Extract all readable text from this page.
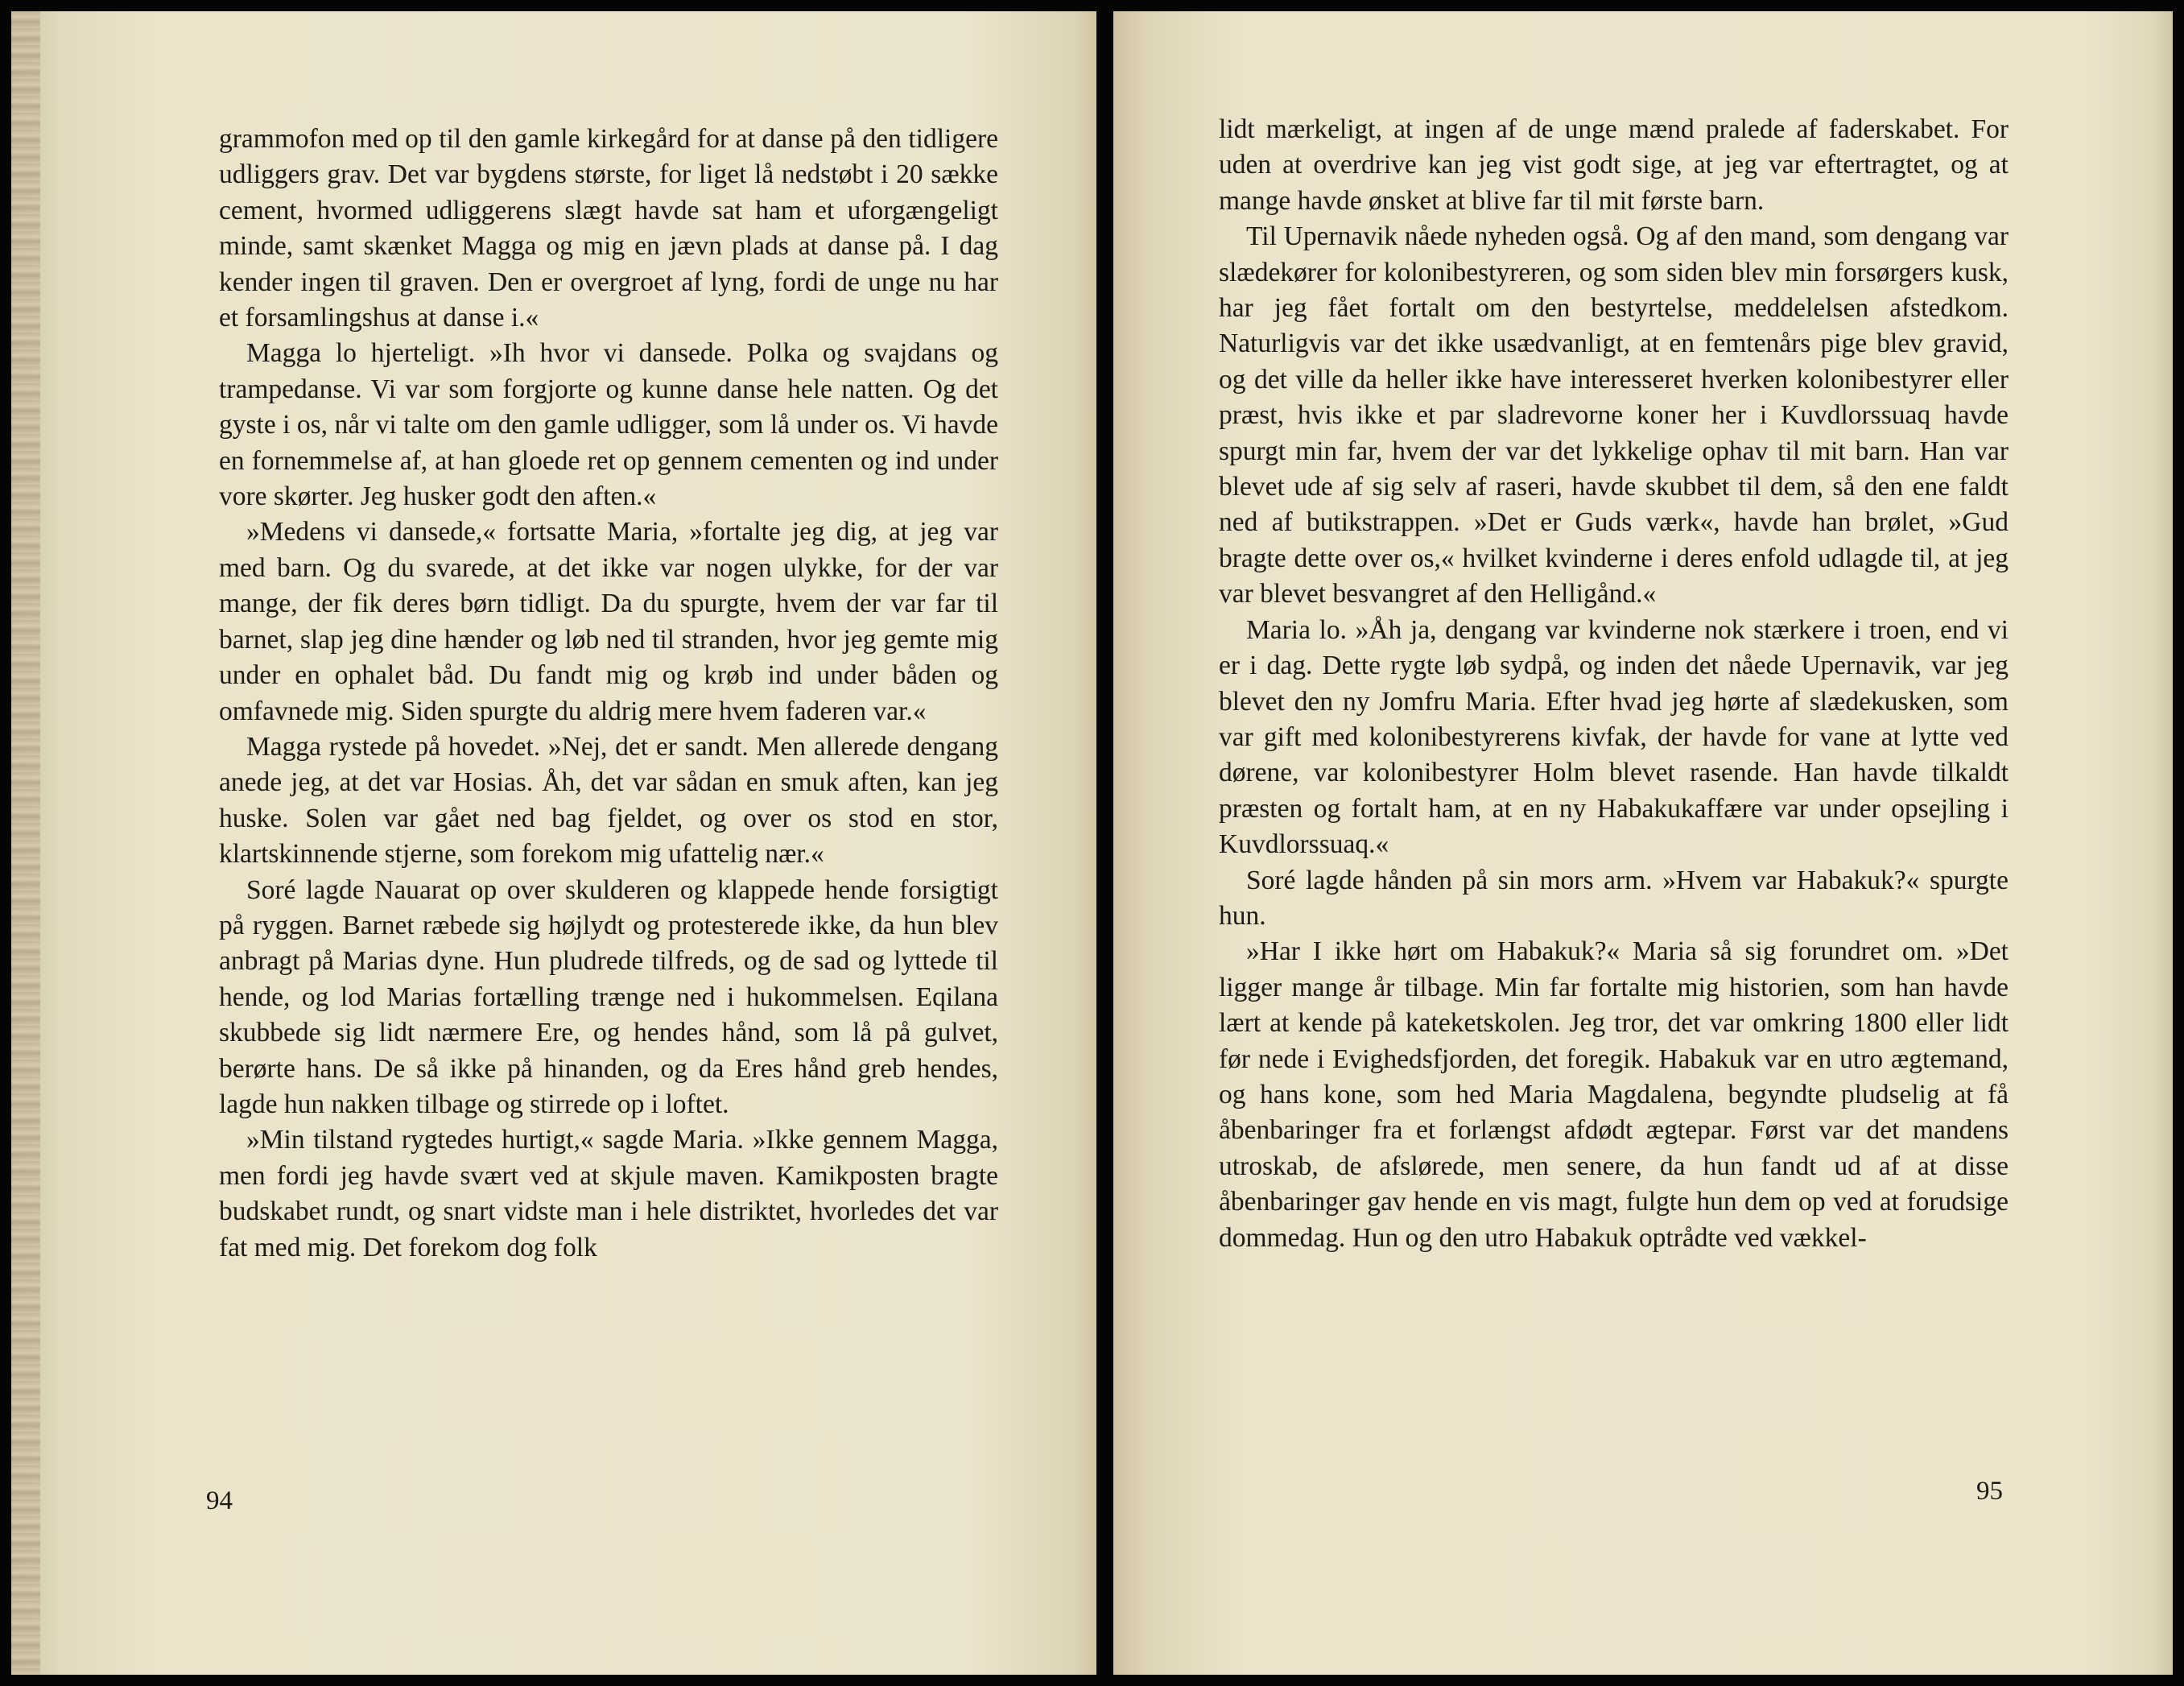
grammofon med op til den gamle kirkegård for at danse på den tidligere udliggers grav. Det var bygdens største, for liget lå nedstøbt i 20 sække cement, hvormed udliggerens slægt havde sat ham et uforgængeligt minde, samt skænket Magga og mig en jævn plads at danse på. I dag kender ingen til graven. Den er overgroet af lyng, fordi de unge nu har et forsamlingshus at danse i.«

Magga lo hjerteligt. »Ih hvor vi dansede. Polka og svajdans og trampedanse. Vi var som forgjorte og kunne danse hele natten. Og det gyste i os, når vi talte om den gamle udligger, som lå under os. Vi havde en fornemmelse af, at han gloede ret op gennem cementen og ind under vore skørter. Jeg husker godt den aften.«

»Medens vi dansede,« fortsatte Maria, »fortalte jeg dig, at jeg var med barn. Og du svarede, at det ikke var nogen ulykke, for der var mange, der fik deres børn tidligt. Da du spurgte, hvem der var far til barnet, slap jeg dine hænder og løb ned til stranden, hvor jeg gemte mig under en ophalet båd. Du fandt mig og krøb ind under båden og omfavnede mig. Siden spurgte du aldrig mere hvem faderen var.«

Magga rystede på hovedet. »Nej, det er sandt. Men allerede dengang anede jeg, at det var Hosias. Åh, det var sådan en smuk aften, kan jeg huske. Solen var gået ned bag fjeldet, og over os stod en stor, klartskinnende stjerne, som forekom mig ufattelig nær.«

Soré lagde Nauarat op over skulderen og klappede hende forsigtigt på ryggen. Barnet ræbede sig højlydt og protesterede ikke, da hun blev anbragt på Marias dyne. Hun pludrede tilfreds, og de sad og lyttede til hende, og lod Marias fortælling trænge ned i hukommelsen. Eqilana skubbede sig lidt nærmere Ere, og hendes hånd, som lå på gulvet, berørte hans. De så ikke på hinanden, og da Eres hånd greb hendes, lagde hun nakken tilbage og stirrede op i loftet.

»Min tilstand rygtedes hurtigt,« sagde Maria. »Ikke gennem Magga, men fordi jeg havde svært ved at skjule maven. Kamikposten bragte budskabet rundt, og snart vidste man i hele distriktet, hvorledes det var fat med mig. Det forekom dog folk

94

lidt mærkeligt, at ingen af de unge mænd pralede af faderskabet. For uden at overdrive kan jeg vist godt sige, at jeg var eftertragtet, og at mange havde ønsket at blive far til mit første barn.

Til Upernavik nåede nyheden også. Og af den mand, som dengang var slædekører for kolonibestyreren, og som siden blev min forsørgers kusk, har jeg fået fortalt om den bestyrtelse, meddelelsen afstedkom. Naturligvis var det ikke usædvanligt, at en femtenårs pige blev gravid, og det ville da heller ikke have interesseret hverken kolonibestyrer eller præst, hvis ikke et par sladrevorne koner her i Kuvdlorssuaq havde spurgt min far, hvem der var det lykkelige ophav til mit barn. Han var blevet ude af sig selv af raseri, havde skubbet til dem, så den ene faldt ned af butikstrappen. »Det er Guds værk«, havde han brølet, »Gud bragte dette over os,« hvilket kvinderne i deres enfold udlagde til, at jeg var blevet besvangret af den Helligånd.«

Maria lo. »Åh ja, dengang var kvinderne nok stærkere i troen, end vi er i dag. Dette rygte løb sydpå, og inden det nåede Upernavik, var jeg blevet den ny Jomfru Maria. Efter hvad jeg hørte af slædekusken, som var gift med kolonibestyrerens kivfak, der havde for vane at lytte ved dørene, var kolonibestyrer Holm blevet rasende. Han havde tilkaldt præsten og fortalt ham, at en ny Habakukaffære var under opsejling i Kuvdlorssuaq.«

Soré lagde hånden på sin mors arm. »Hvem var Habakuk?« spurgte hun.

»Har I ikke hørt om Habakuk?« Maria så sig forundret om. »Det ligger mange år tilbage. Min far fortalte mig historien, som han havde lært at kende på kateketskolen. Jeg tror, det var omkring 1800 eller lidt før nede i Evighedsfjorden, det foregik. Habakuk var en utro ægtemand, og hans kone, som hed Maria Magdalena, begyndte pludselig at få åbenbaringer fra et forlængst afdødt ægtepar. Først var det mandens utroskab, de afslørede, men senere, da hun fandt ud af at disse åbenbaringer gav hende en vis magt, fulgte hun dem op ved at forudsige dommedag. Hun og den utro Habakuk optrådte ved vækkel-

95
